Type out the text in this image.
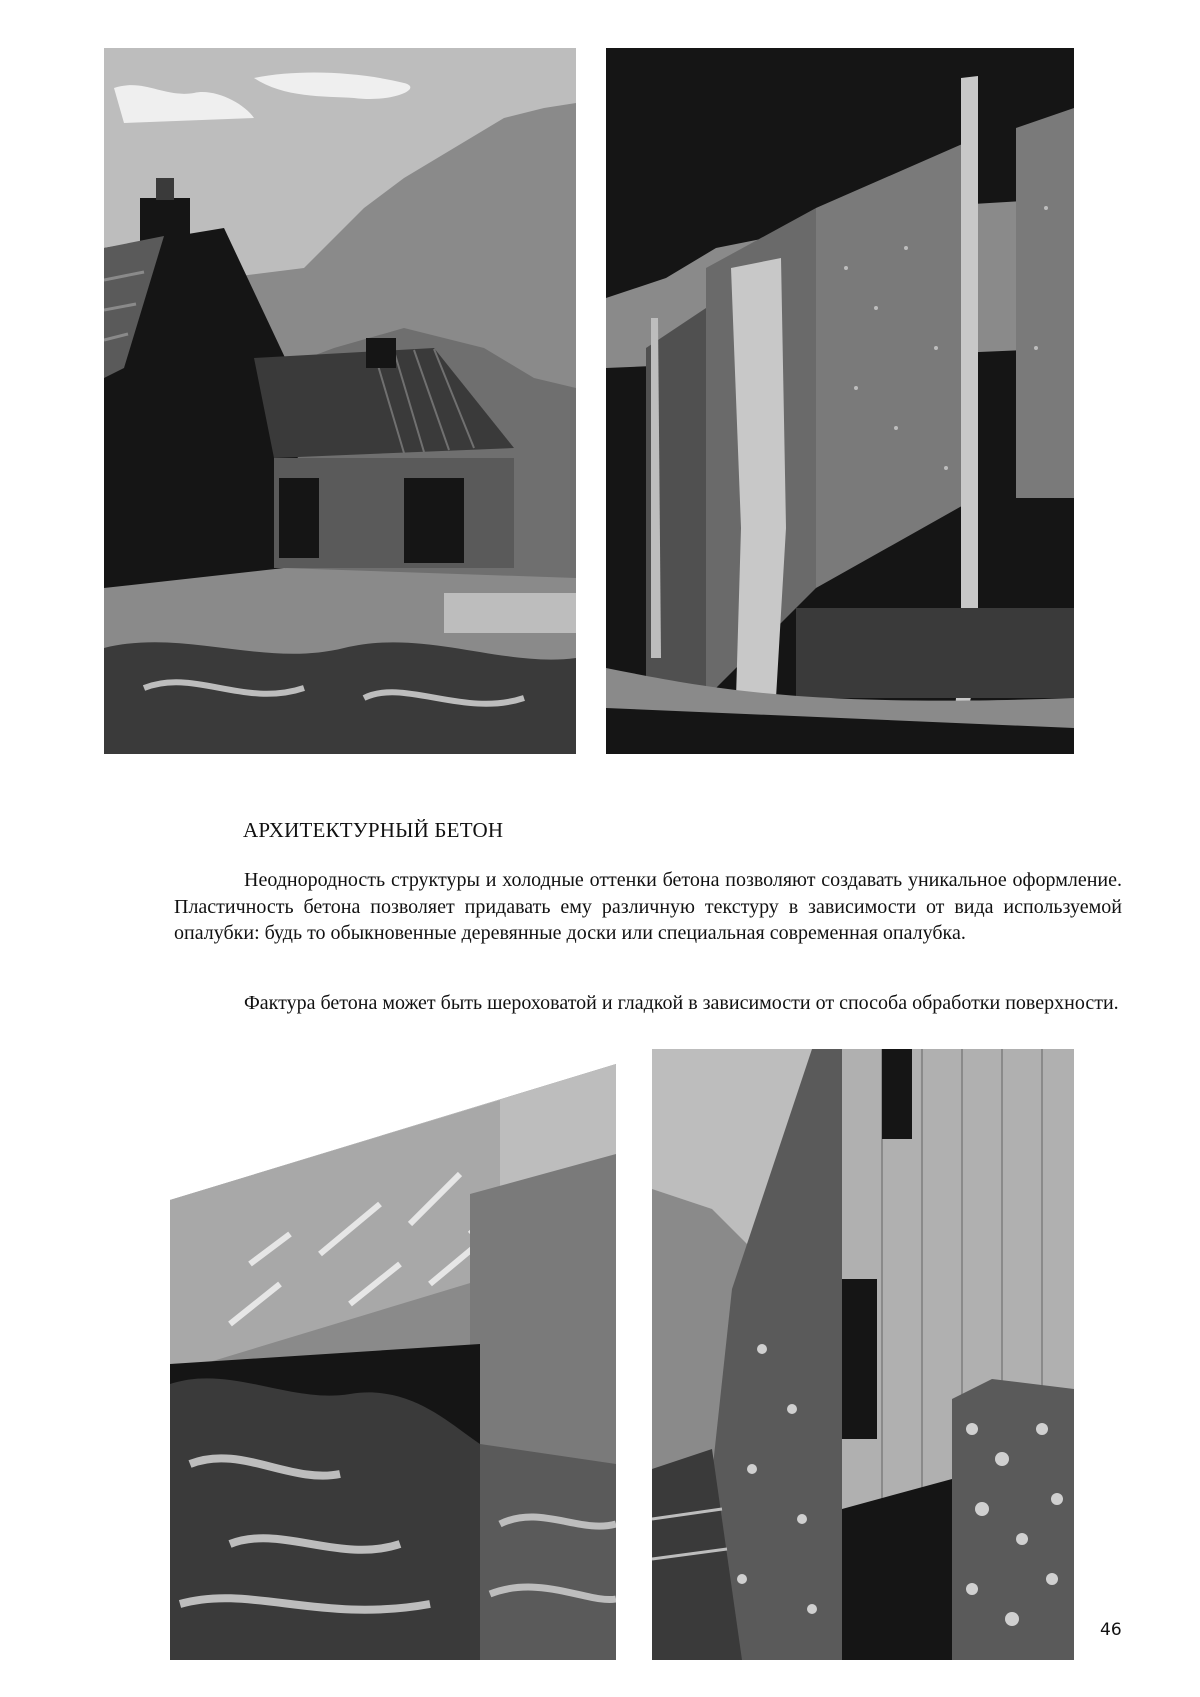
АРХИТЕКТУРНЫЙ БЕТОН

Неоднородность структуры и холодные оттенки бетона позволяют создавать уникальное оформление. Пластичность бетона позволяет придавать ему различную текстуру в зависимости от вида используемой опалубки: будь то обыкновенные деревянные доски или специальная современная опалубка.

Фактура бетона может быть шероховатой и гладкой в зависимости от способа обработки поверхности.

46
